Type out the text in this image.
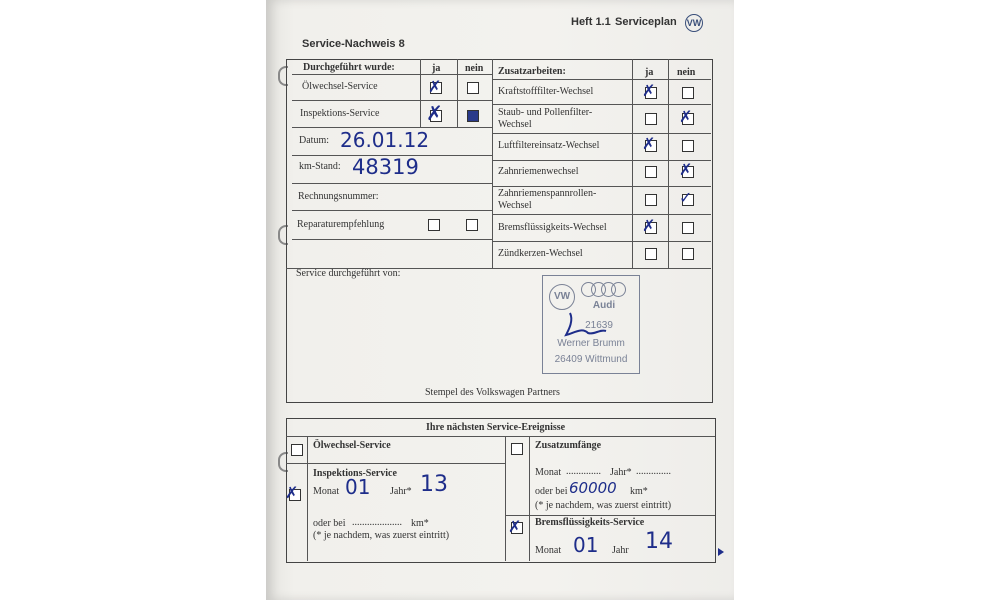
Heft 1.1 Serviceplan VW
Service-Nachweis 8
Durchgeführt wurde:	ja nein
Ölwechsel-Service
Inspektions-Service
Datum:
km-Stand:
Rechnungsnummer:
Reparaturempfehlung
✗
✗
26.01.12
48319
Zusatzarbeiten:	ja nein
Kraftstofffilter-Wechsel
Staub- und Pollenfilter-
Wechsel
Luftfiltereinsatz-Wechsel
Zahnriemenwechsel
Zahnriemenspannrollen-
Wechsel
Bremsflüssigkeits-Wechsel
Zündkerzen-Wechsel
✗
✗
✗
✗
✓
✗
Service durchgeführt von:
VW
Audi
21639
Werner Brumm
26409 Wittmund
Stempel des Volkswagen Partners
Ihre nächsten Service-Ereignisse
Ölwechsel-Service
✗
Inspektions-Service
Monat 01 Jahr* 13
oder bei .................... km*
(* je nachdem, was zuerst eintritt)
Zusatzumfänge
Monat .............. Jahr* ..............
oder bei 60000 km*
(* je nachdem, was zuerst eintritt)
✗ Bremsflüssigkeits-Service
Monat 01 Jahr 14
